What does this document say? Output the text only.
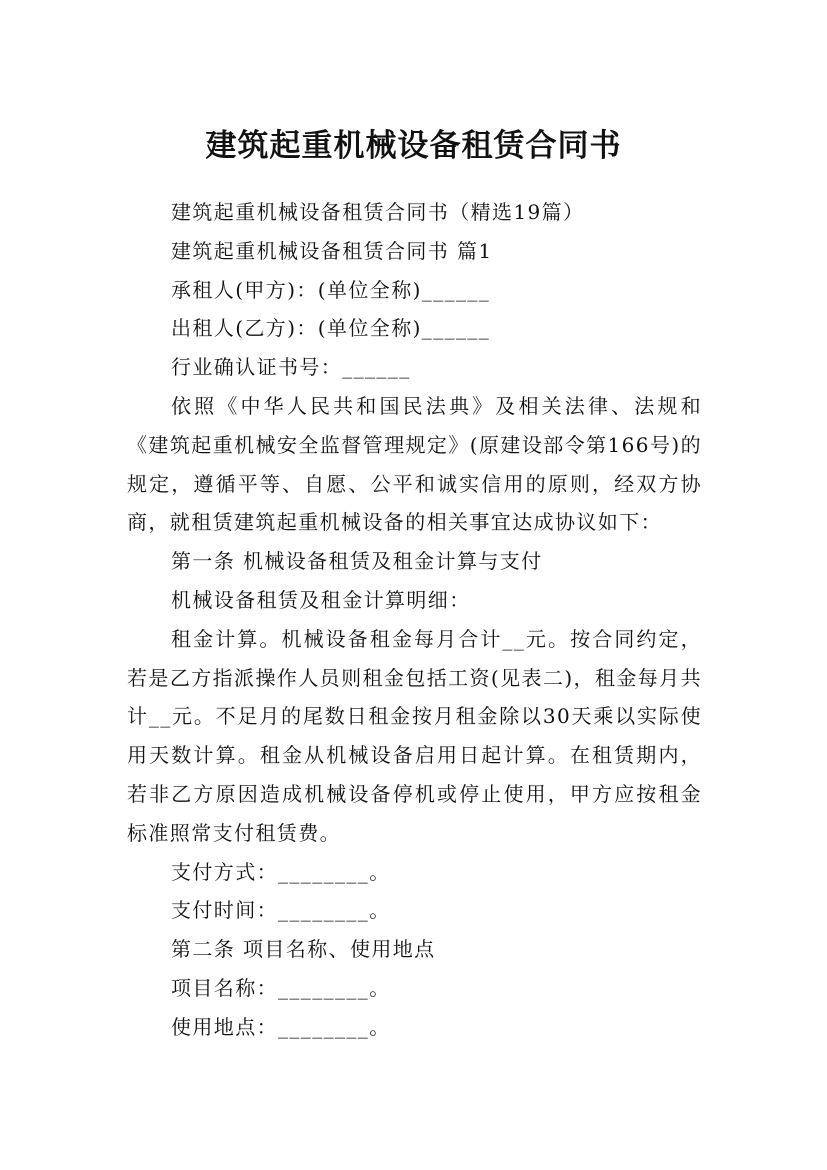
建筑起重机械设备租赁合同书

建筑起重机械设备租赁合同书（精选19篇）

建筑起重机械设备租赁合同书 篇1

承租人(甲方)：(单位全称)______

出租人(乙方)：(单位全称)______

行业确认证书号：______

依照《中华人民共和国民法典》及相关法律、法规和《建筑起重机械安全监督管理规定》(原建设部令第166号)的规定，遵循平等、自愿、公平和诚实信用的原则，经双方协商，就租赁建筑起重机械设备的相关事宜达成协议如下：

第一条 机械设备租赁及租金计算与支付

机械设备租赁及租金计算明细：

租金计算。机械设备租金每月合计__元。按合同约定，若是乙方指派操作人员则租金包括工资(见表二)，租金每月共计__元。不足月的尾数日租金按月租金除以30天乘以实际使用天数计算。租金从机械设备启用日起计算。在租赁期内，若非乙方原因造成机械设备停机或停止使用，甲方应按租金标准照常支付租赁费。

支付方式：________。

支付时间：________。

第二条 项目名称、使用地点

项目名称：________。

使用地点：________。
